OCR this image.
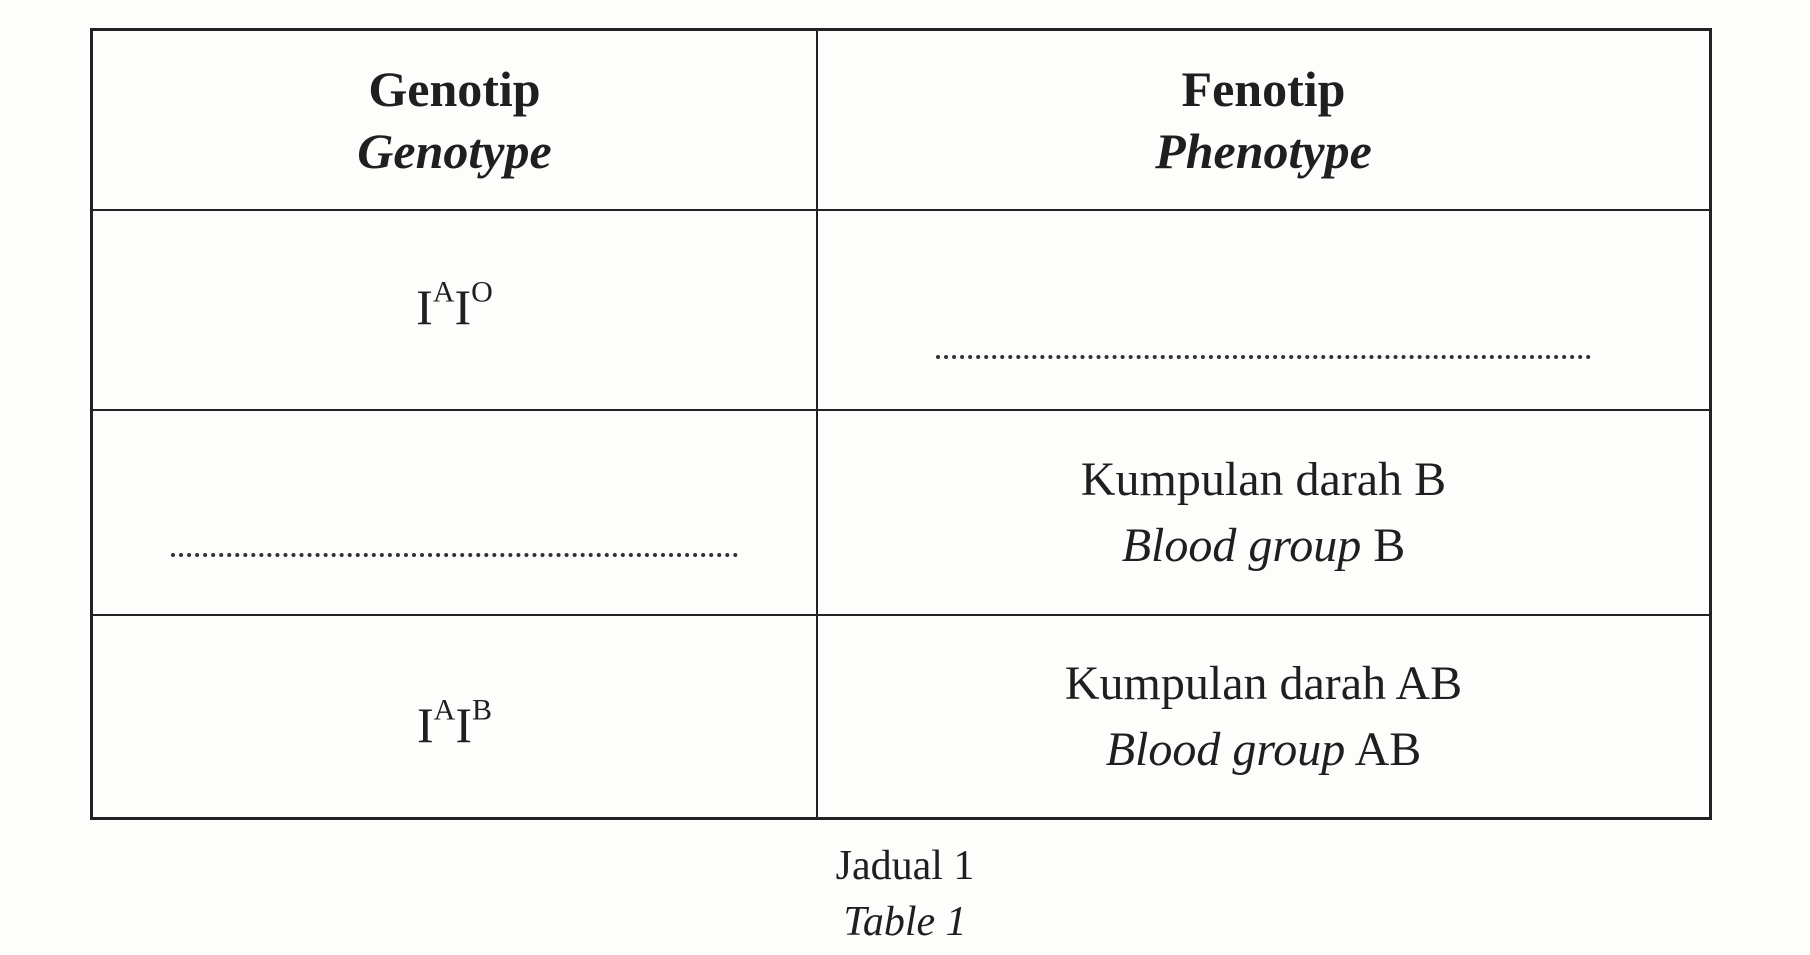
Genotip
Genotype
Fenotip
Phenotype
$I^AI^O$
Kumpulan darah B
Blood group B
$I^AI^B$	Kumpulan darah AB
Blood group AB
Jadual 1
Table 1
